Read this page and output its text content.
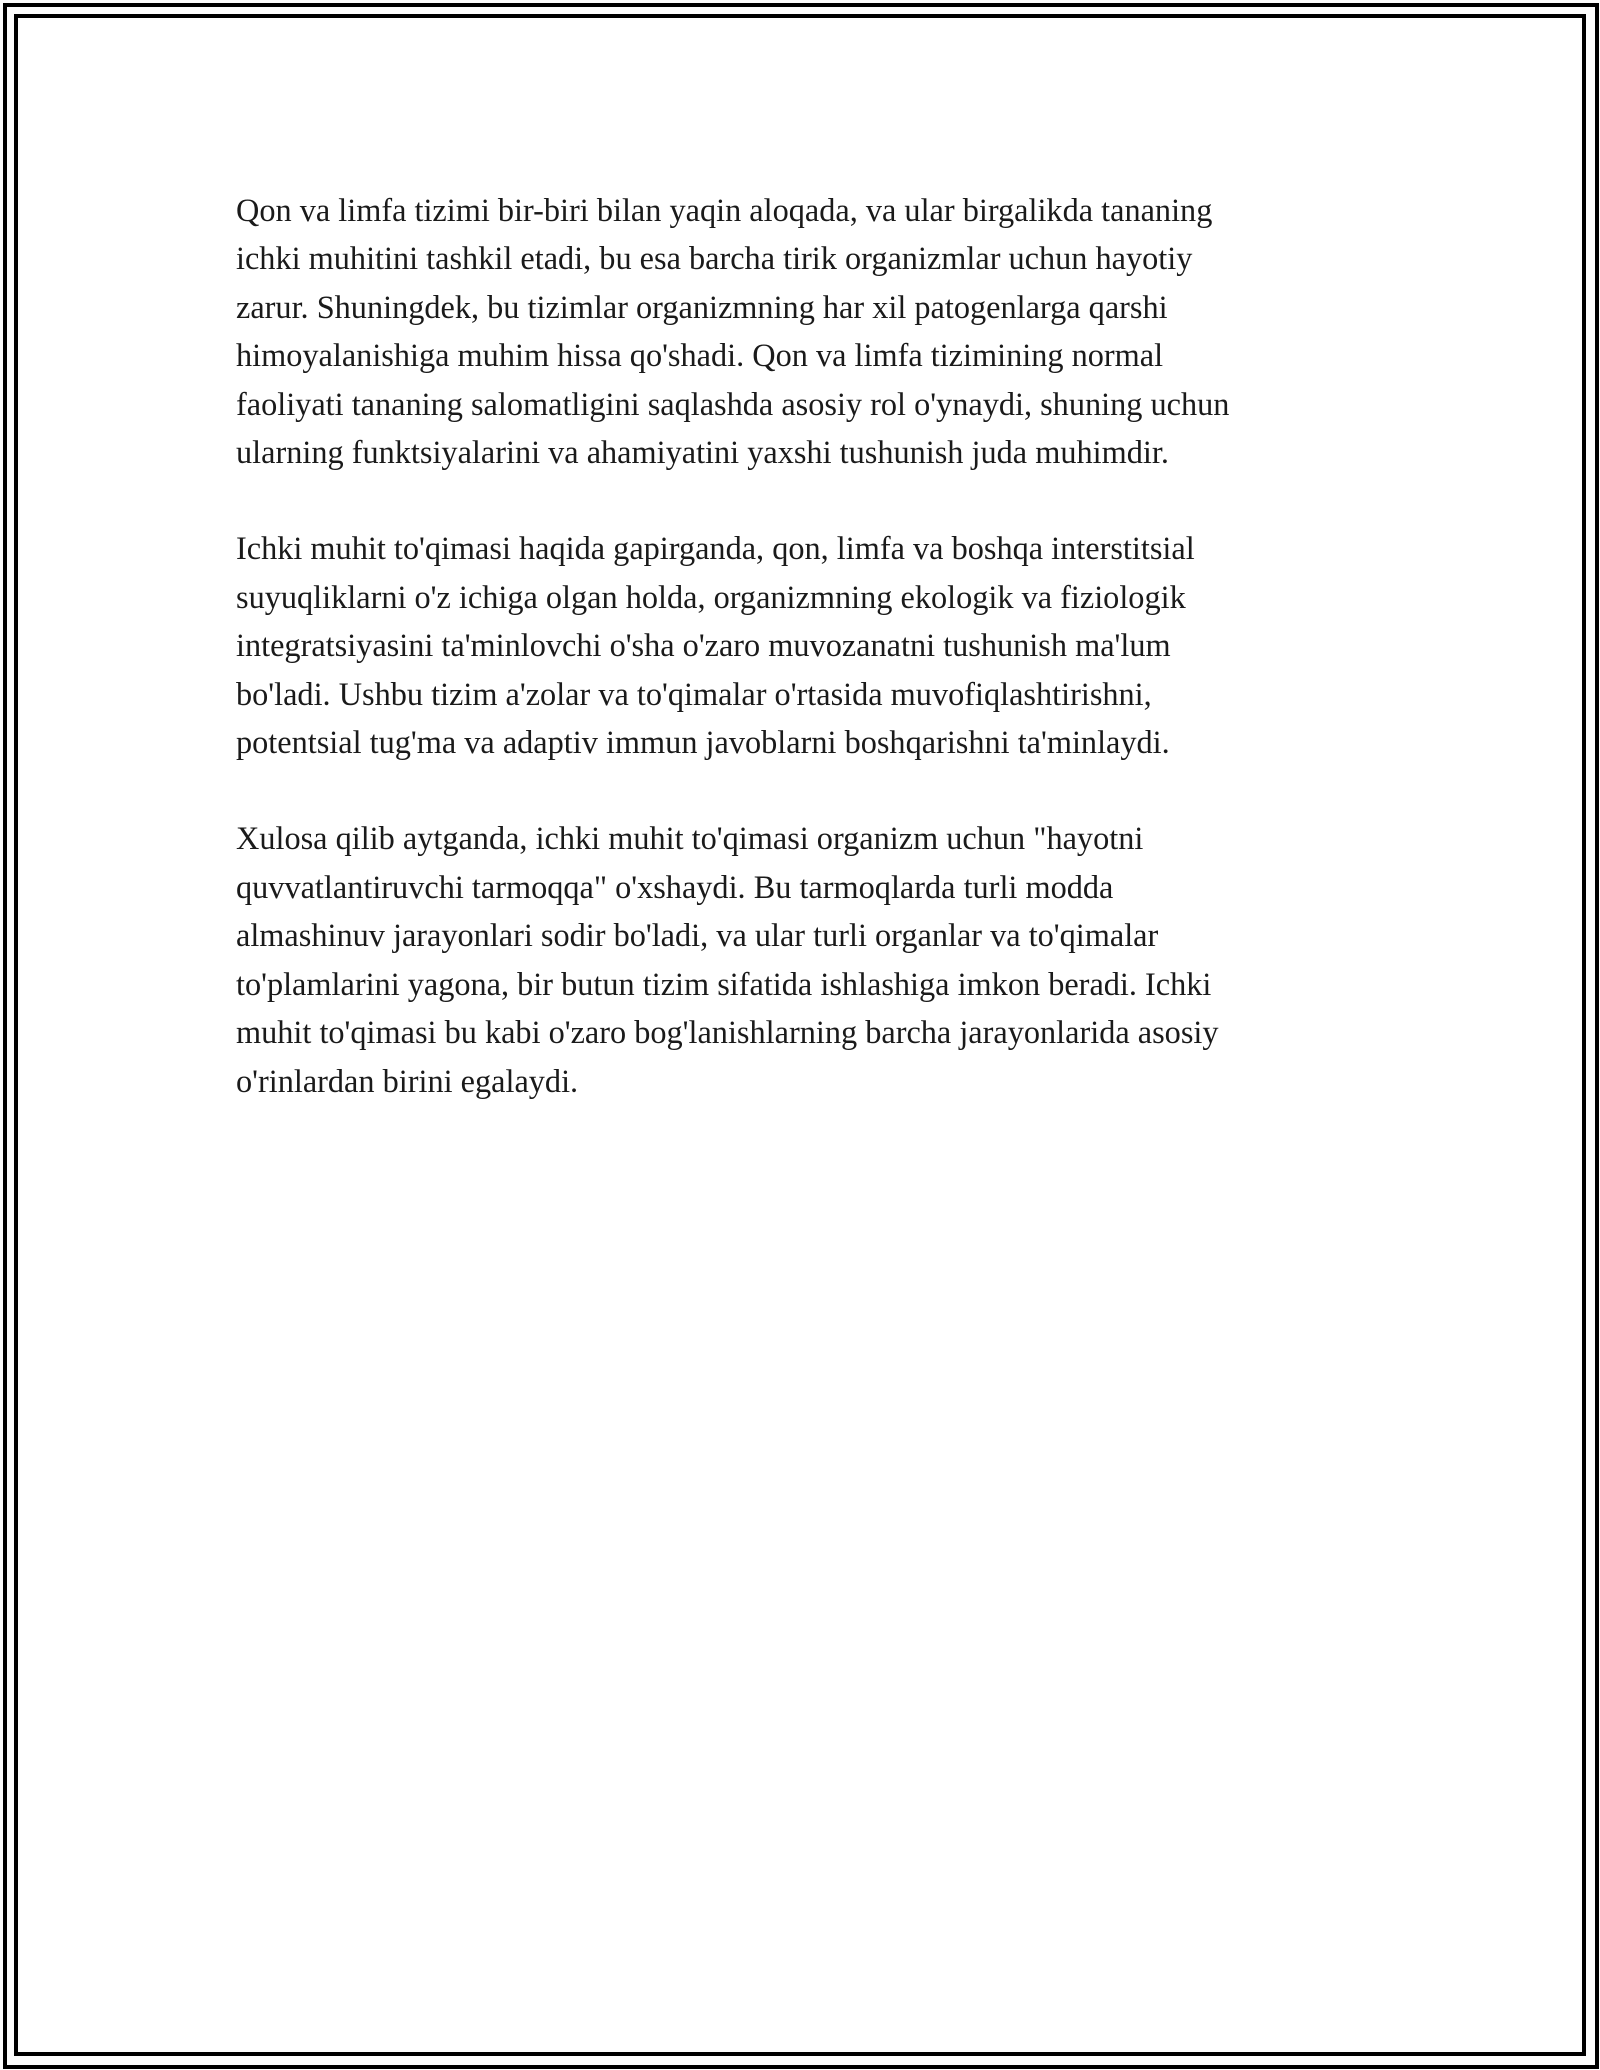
Qon va limfa tizimi bir-biri bilan yaqin aloqada, va ular birgalikda tananing
ichki muhitini tashkil etadi, bu esa barcha tirik organizmlar uchun hayotiy
zarur. Shuningdek, bu tizimlar organizmning har xil patogenlarga qarshi
himoyalanishiga muhim hissa qo'shadi. Qon va limfa tizimining normal
faoliyati tananing salomatligini saqlashda asosiy rol o'ynaydi, shuning uchun
ularning funktsiyalarini va ahamiyatini yaxshi tushunish juda muhimdir.

Ichki muhit to'qimasi haqida gapirganda, qon, limfa va boshqa interstitsial
suyuqliklarni o'z ichiga olgan holda, organizmning ekologik va fiziologik
integratsiyasini ta'minlovchi o'sha o'zaro muvozanatni tushunish ma'lum
bo'ladi. Ushbu tizim a'zolar va to'qimalar o'rtasida muvofiqlashtirishni,
potentsial tug'ma va adaptiv immun javoblarni boshqarishni ta'minlaydi.

Xulosa qilib aytganda, ichki muhit to'qimasi organizm uchun "hayotni
quvvatlantiruvchi tarmoqqa" o'xshaydi. Bu tarmoqlarda turli modda
almashinuv jarayonlari sodir bo'ladi, va ular turli organlar va to'qimalar
to'plamlarini yagona, bir butun tizim sifatida ishlashiga imkon beradi. Ichki
muhit to'qimasi bu kabi o'zaro bog'lanishlarning barcha jarayonlarida asosiy
o'rinlardan birini egalaydi.
